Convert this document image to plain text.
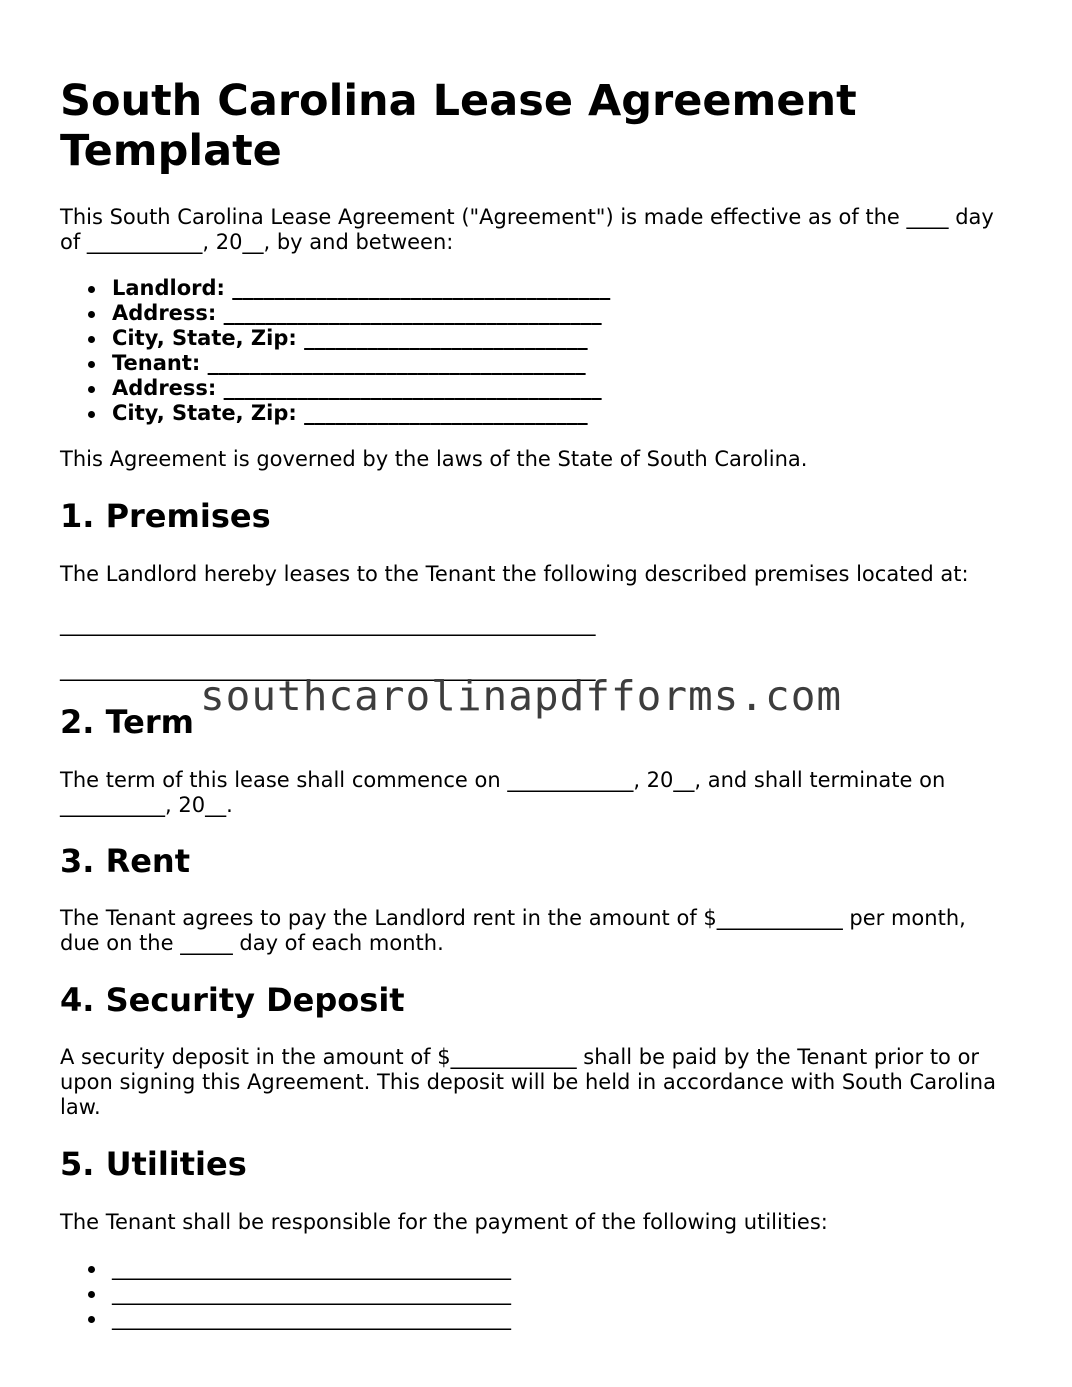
South Carolina Lease Agreement Template

This South Carolina Lease Agreement ("Agreement") is made effective as of the ____ day of ___________, 20__, by and between:

Landlord: ____________________________________
Address: ____________________________________
City, State, Zip: ___________________________
Tenant: ____________________________________
Address: ____________________________________
City, State, Zip: ___________________________

This Agreement is governed by the laws of the State of South Carolina.

1. Premises

The Landlord hereby leases to the Tenant the following described premises located at:

___________________________________________________

___________________________________________________

2. Term

The term of this lease shall commence on ____________, 20__, and shall terminate on __________, 20__.

3. Rent

The Tenant agrees to pay the Landlord rent in the amount of $____________ per month, due on the _____ day of each month.

4. Security Deposit

A security deposit in the amount of $____________ shall be paid by the Tenant prior to or upon signing this Agreement. This deposit will be held in accordance with South Carolina law.

5. Utilities

The Tenant shall be responsible for the payment of the following utilities:

______________________________________
______________________________________
______________________________________
southcarolinapdfforms.com
